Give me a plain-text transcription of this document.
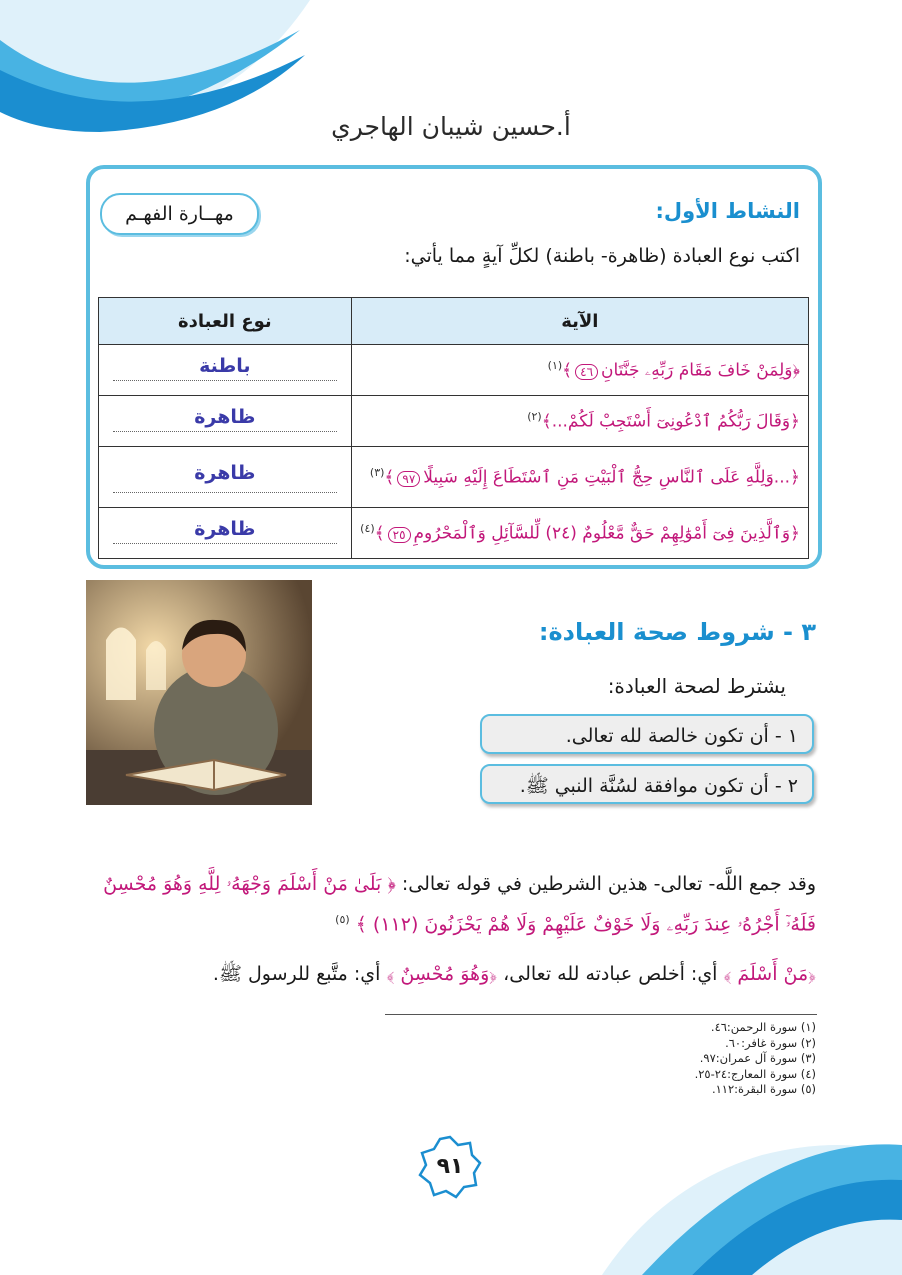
أ.حسين شيبان الهاجري
النشاط الأول:
مهــارة الفهـم
اكتب نوع العبادة (ظاهرة- باطنة) لكلِّ آيةٍ مما يأتي:
الآية	نوع العبادة
﴿وَلِمَنْ خَافَ مَقَامَ رَبِّهِۦ جَنَّتَانِ٤٦﴾$^{(١)}$	باطنة
﴿وَقَالَ رَبُّكُمُ ٱدْعُونِىٓ أَسْتَجِبْ لَكُمْ...﴾$^{(٢)}$	ظاهرة
﴿...وَلِلَّهِ عَلَى ٱلنَّاسِ حِجُّ ٱلْبَيْتِ مَنِ ٱسْتَطَاعَ إِلَيْهِ سَبِيلًا٩٧﴾$^{(٣)}$	ظاهرة
﴿وَٱلَّذِينَ فِىٓ أَمْوَٰلِهِمْ حَقٌّ مَّعْلُومٌ (٢٤) لِّلسَّآئِلِ وَٱلْمَحْرُومِ٢٥﴾$^{(٤)}$	ظاهرة
٣ - شروط صحة العبادة:
يشترط لصحة العبادة:
١ - أن تكون خالصة لله تعالى.
٢ - أن تكون موافقة لسُنَّة النبي ﷺ.
وقد جمع اللَّه- تعالى- هذين الشرطين في قوله تعالى: ﴿ بَلَىٰ مَنْ أَسْلَمَ وَجْهَهُۥ لِلَّهِ وَهُوَ مُحْسِنٌ فَلَهُۥٓ أَجْرُهُۥ عِندَ رَبِّهِۦ وَلَا خَوْفٌ عَلَيْهِمْ وَلَا هُمْ يَحْزَنُونَ (١١٢) ﴾ $^{(٥)}$
﴿مَنْ أَسْلَمَ ﴾ أي: أخلص عبادته لله تعالى، ﴿وَهُوَ مُحْسِنٌ ﴾ أي: متَّبع للرسول ﷺ.
(١) سورة الرحمن:٤٦.
(٢) سورة غافر:٦٠.
(٣) سورة آل عمران:٩٧.
(٤) سورة المعارج:٢٤-٢٥.
(٥) سورة البقرة:١١٢.
٩١
